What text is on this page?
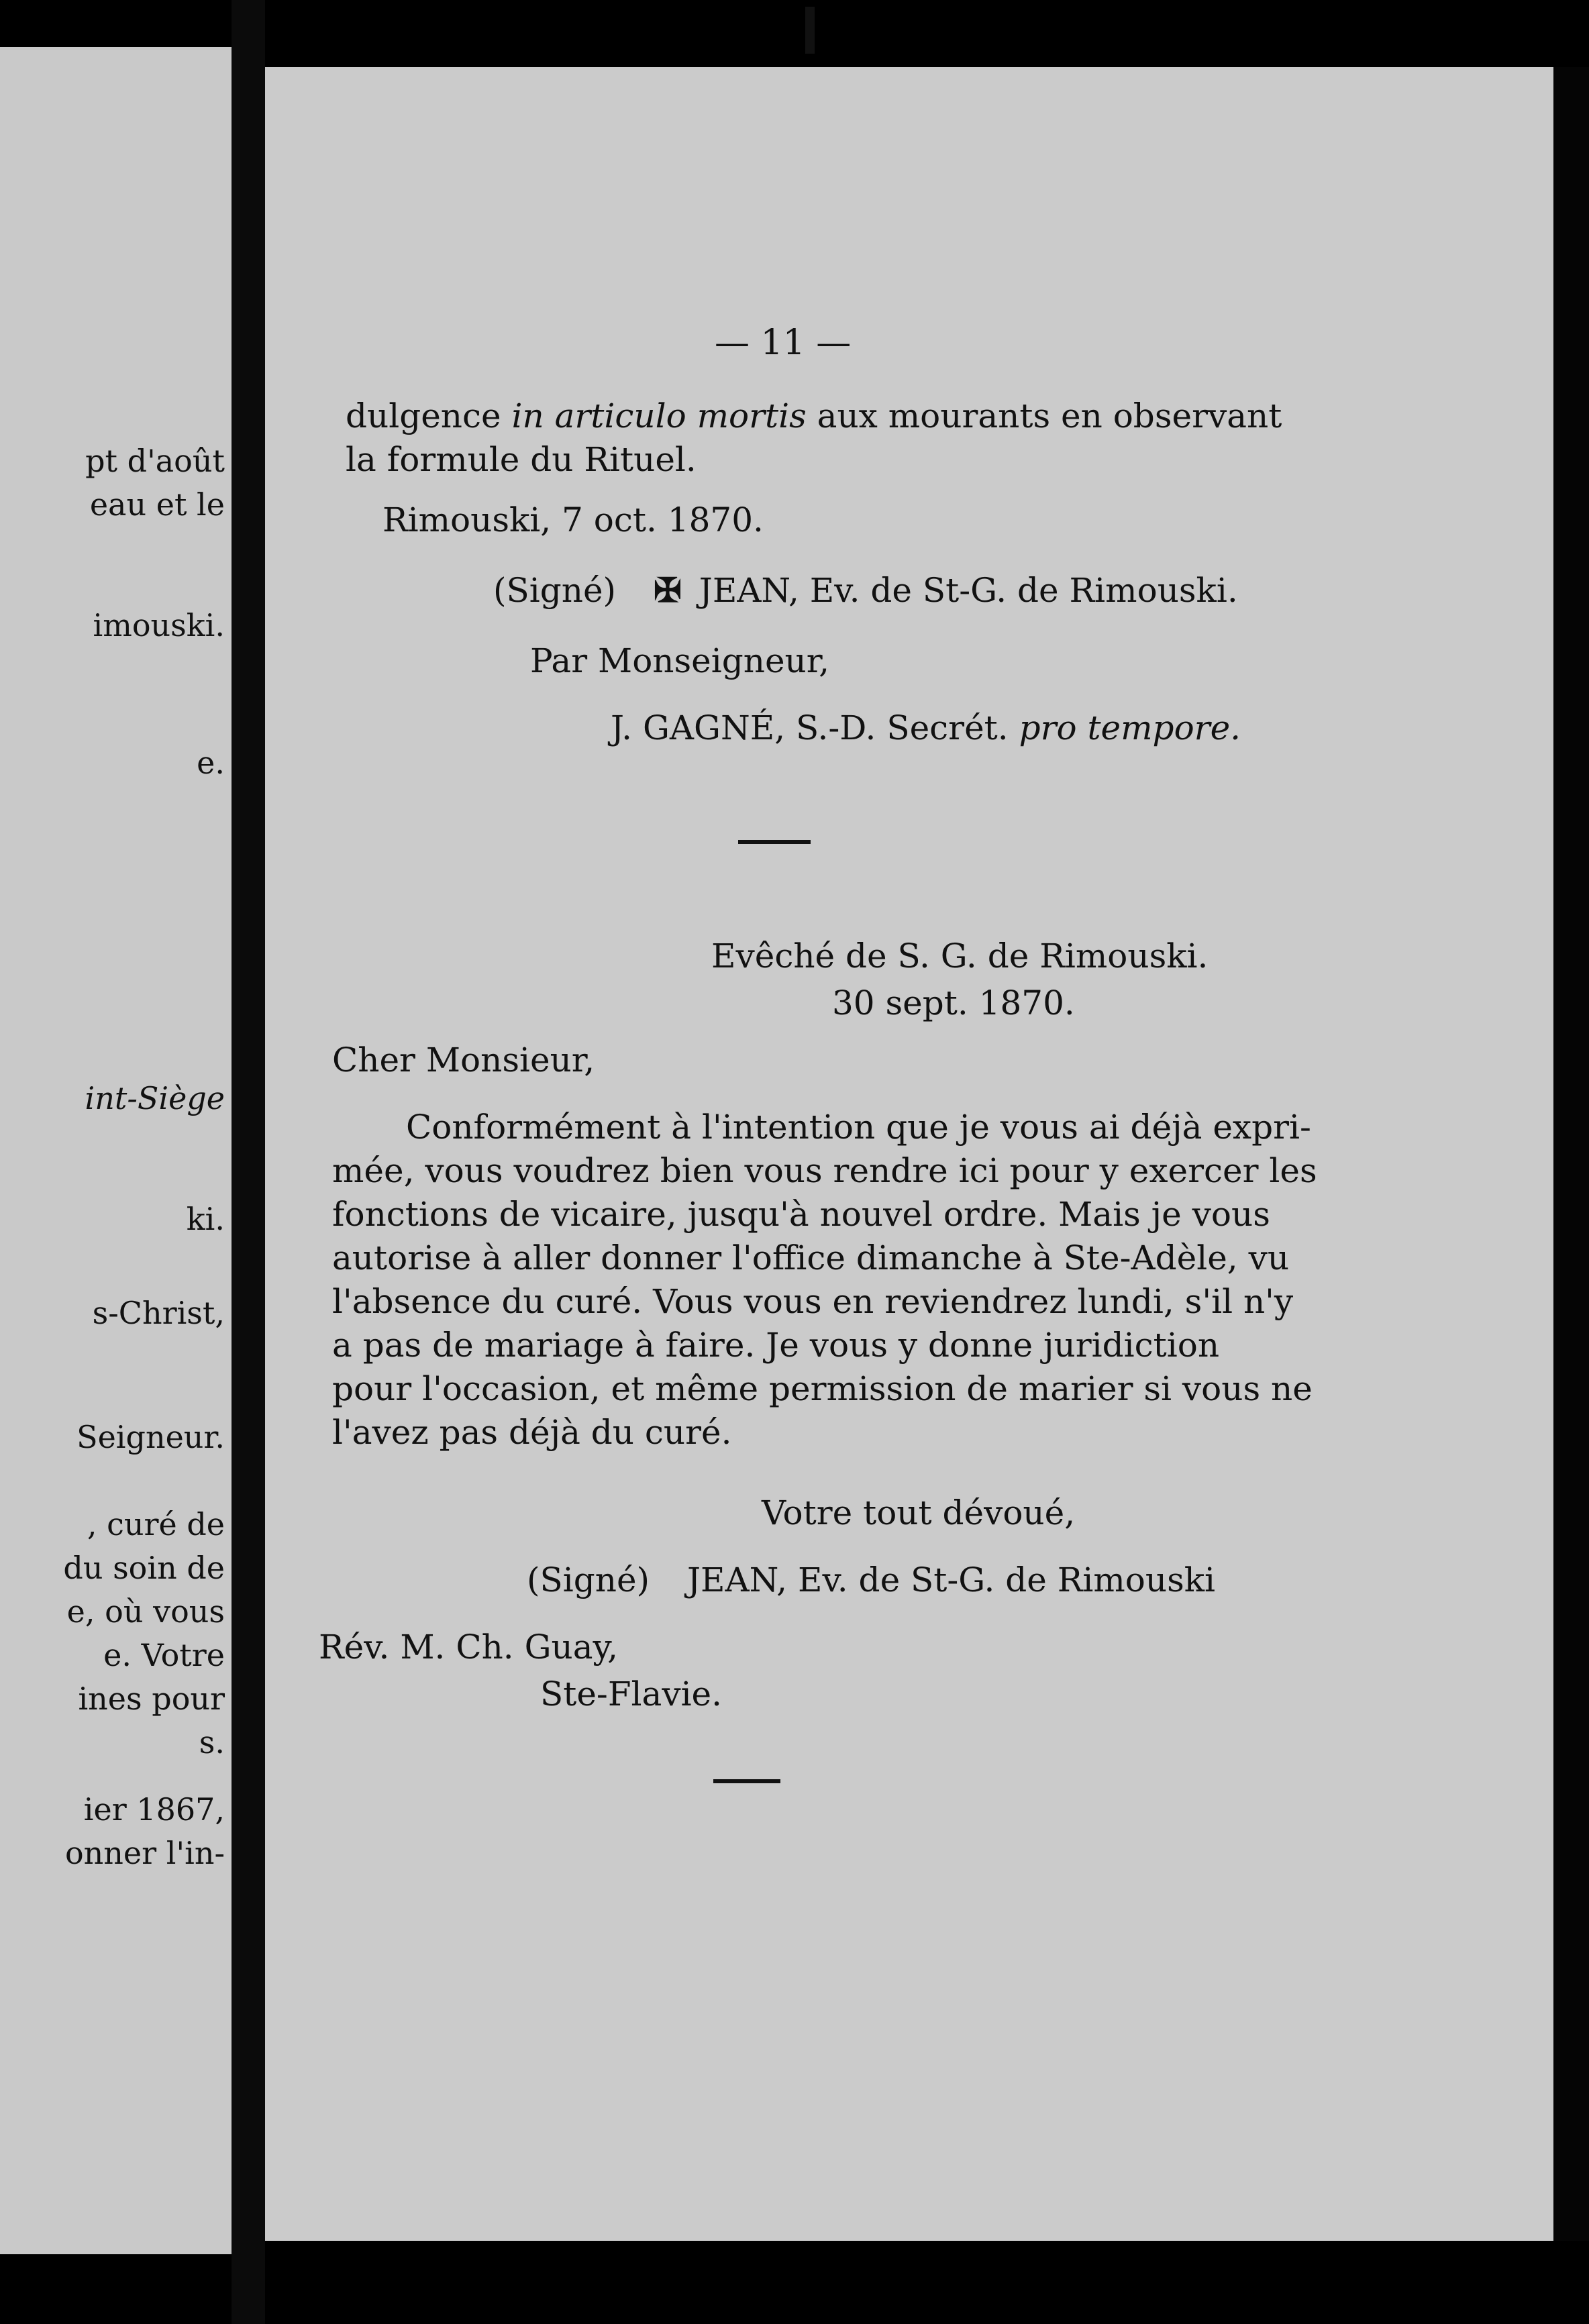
pt d'août
eau et le
imouski.
e.
int-Siège
ki.
s-Christ,
Seigneur.
, curé de
du soin de
e, où vous
e. Votre
ines pour
s.
ier 1867,
onner l'in-
— 11 —
dulgence in articulo mortis aux mourants en observant
la formule du Rituel.
Rimouski, 7 oct. 1870.
(Signé) ✠ JEAN, Ev. de St-G. de Rimouski.
Par Monseigneur,
J. GAGNÉ, S.-D. Secrét. pro tempore.
Evêché de S. G. de Rimouski.
30 sept. 1870.
Cher Monsieur,
Conformément à l'intention que je vous ai déjà expri-
mée, vous voudrez bien vous rendre ici pour y exercer les
fonctions de vicaire, jusqu'à nouvel ordre. Mais je vous
autorise à aller donner l'office dimanche à Ste-Adèle, vu
l'absence du curé. Vous vous en reviendrez lundi, s'il n'y
a pas de mariage à faire. Je vous y donne juridiction
pour l'occasion, et même permission de marier si vous ne
l'avez pas déjà du curé.
Votre tout dévoué,
(Signé) JEAN, Ev. de St-G. de Rimouski
Rév. M. Ch. Guay,
Ste-Flavie.
